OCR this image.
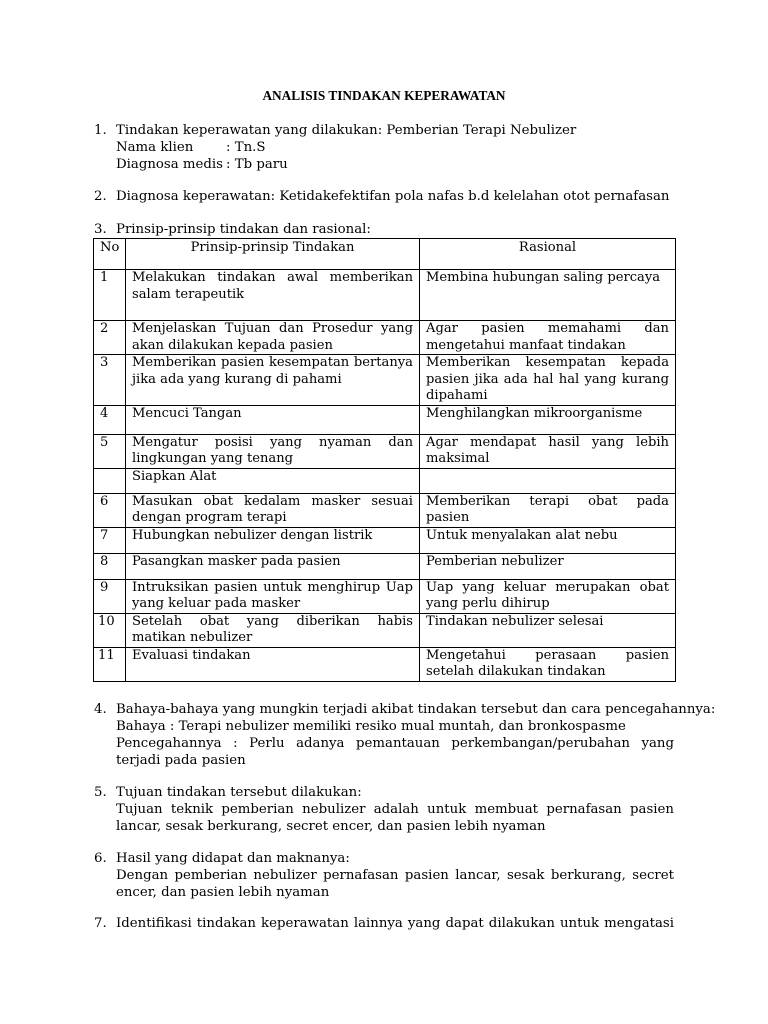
ANALISIS TINDAKAN KEPERAWATAN
1. Tindakan keperawatan yang dilakukan: Pemberian Terapi Nebulizer
Nama klien : Tn.S
Diagnosa medis : Tb paru
2. Diagnosa keperawatan: Ketidakefektifan pola nafas b.d kelelahan otot pernafasan
3. Prinsip-prinsip tindakan dan rasional:
No	Prinsip-prinsip Tindakan	Rasional
1	Melakukan tindakan awal memberikan salam terapeutik	Membina hubungan saling percaya
2	Menjelaskan Tujuan dan Prosedur yang akan dilakukan kepada pasien	Agar pasien memahami dan mengetahui manfaat tindakan
3	Memberikan pasien kesempatan bertanya jika ada yang kurang di pahami	Memberikan kesempatan kepada pasien jika ada hal hal yang kurang dipahami
4	Mencuci Tangan	Menghilangkan mikroorganisme
5	Mengatur posisi yang nyaman dan lingkungan yang tenang	Agar mendapat hasil yang lebih maksimal
	Siapkan Alat	
6	Masukan obat kedalam masker sesuai dengan program terapi	Memberikan terapi obat pada pasien
7	Hubungkan nebulizer dengan listrik	Untuk menyalakan alat nebu
8	Pasangkan masker pada pasien	Pemberian nebulizer
9	Intruksikan pasien untuk menghirup Uap yang keluar pada masker	Uap yang keluar merupakan obat yang perlu dihirup
10	Setelah obat yang diberikan habis matikan nebulizer	Tindakan nebulizer selesai
11	Evaluasi tindakan	Mengetahui perasaan pasien setelah dilakukan tindakan
4. Bahaya-bahaya yang mungkin terjadi akibat tindakan tersebut dan cara pencegahannya:
Bahaya : Terapi nebulizer memiliki resiko mual muntah, dan bronkospasme
Pencegahannya : Perlu adanya pemantauan perkembangan/perubahan yang terjadi pada pasien
5. Tujuan tindakan tersebut dilakukan:
Tujuan teknik pemberian nebulizer adalah untuk membuat pernafasan pasien lancar, sesak berkurang, secret encer, dan pasien lebih nyaman
6. Hasil yang didapat dan maknanya:
Dengan pemberian nebulizer pernafasan pasien lancar, sesak berkurang, secret encer, dan pasien lebih nyaman
7. Identifikasi tindakan keperawatan lainnya yang dapat dilakukan untuk mengatasi
